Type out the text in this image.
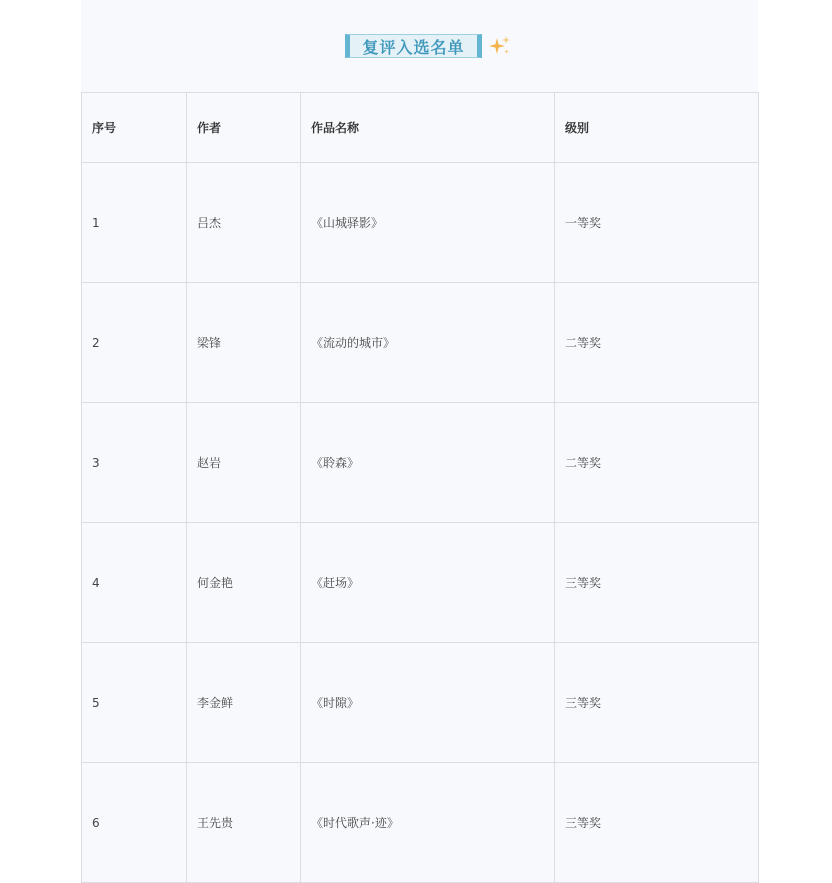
复评入选名单
序号	作者	作品名称	级别
1	吕杰	《山城驿影》	一等奖
2	梁锋	《流动的城市》	二等奖
3	赵岩	《聆森》	二等奖
4	何金艳	《赶场》	三等奖
5	李金鲜	《时隙》	三等奖
6	王先贵	《时代歌声·迹》	三等奖
